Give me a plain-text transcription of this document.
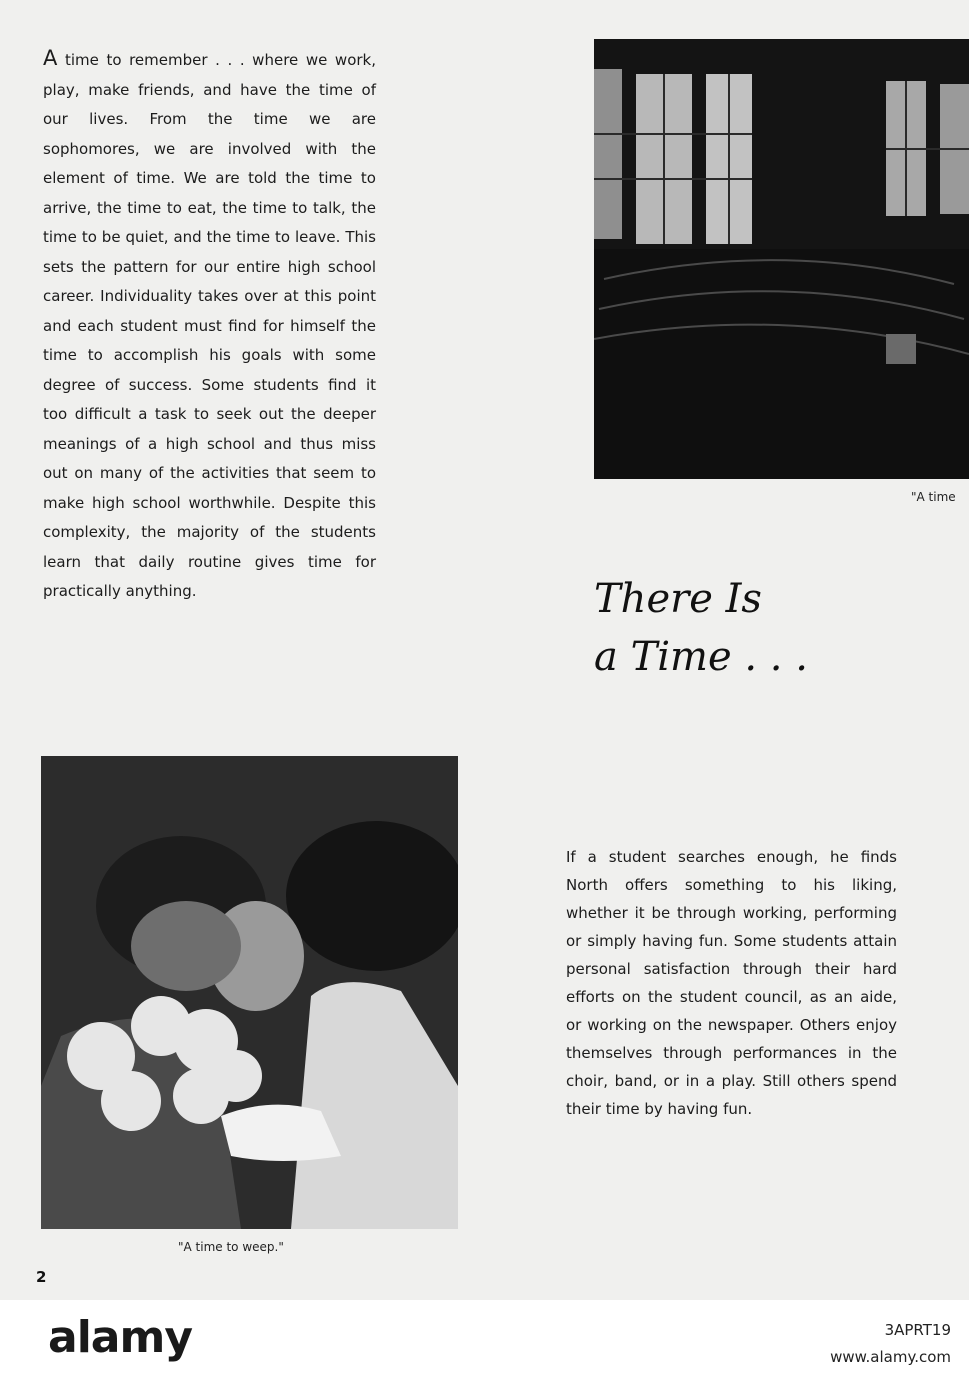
A time to remember . . . where we work, play, make friends, and have the time of our lives. From the time we are sophomores, we are involved with the element of time. We are told the time to arrive, the time to eat, the time to talk, the time to be quiet, and the time to leave. This sets the pattern for our entire high school career. Individuality takes over at this point and each student must find for himself the time to accomplish his goals with some degree of success. Some students find it too difficult a task to seek out the deeper meanings of a high school and thus miss out on many of the activities that seem to make high school worthwhile. Despite this complexity, the majority of the students learn that daily routine gives time for practically anything.

"A time

There Is
a Time . . .

"A time to weep."

If a student searches enough, he finds North offers something to his liking, whether it be through working, performing or simply having fun. Some students attain personal satisfaction through their hard efforts on the student council, as an aide, or working on the newspaper. Others enjoy themselves through performances in the choir, band, or in a play. Still others spend their time by having fun.

2

alamy	3APRT19

www.alamy.com
